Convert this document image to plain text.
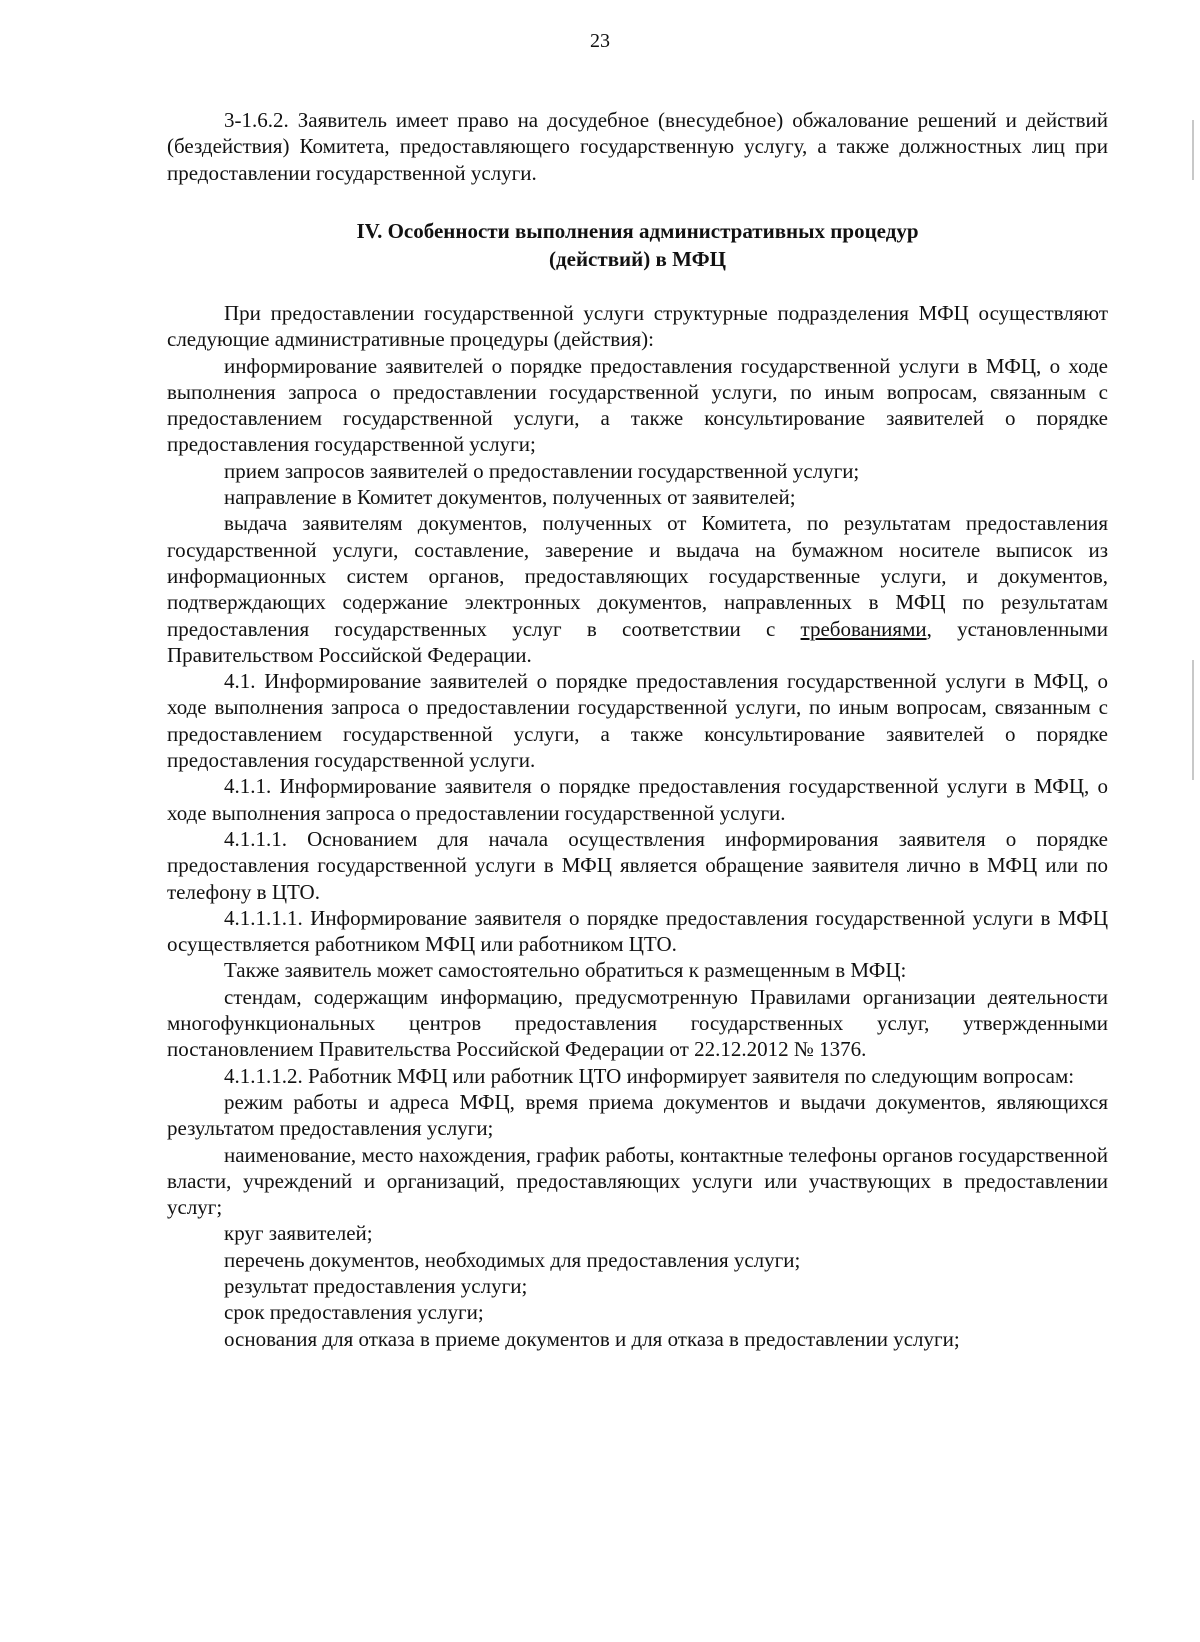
23

3-1.6.2. Заявитель имеет право на досудебное (внесудебное) обжалование решений и действий (бездействия) Комитета, предоставляющего государственную услугу, а также должностных лиц при предоставлении государственной услуги.

IV. Особенности выполнения административных процедур
(действий) в МФЦ

При предоставлении государственной услуги структурные подразделения МФЦ осуществляют следующие административные процедуры (действия):

информирование заявителей о порядке предоставления государственной услуги в МФЦ, о ходе выполнения запроса о предоставлении государственной услуги, по иным вопросам, связанным с предоставлением государственной услуги, а также консультирование заявителей о порядке предоставления государственной услуги;

прием запросов заявителей о предоставлении государственной услуги;

направление в Комитет документов, полученных от заявителей;

выдача заявителям документов, полученных от Комитета, по результатам предоставления государственной услуги, составление, заверение и выдача на бумажном носителе выписок из информационных систем органов, предоставляющих государственные услуги, и документов, подтверждающих содержание электронных документов, направленных в МФЦ по результатам предоставления государственных услуг в соответствии с требованиями, установленными Правительством Российской Федерации.

4.1. Информирование заявителей о порядке предоставления государственной услуги в МФЦ, о ходе выполнения запроса о предоставлении государственной услуги, по иным вопросам, связанным с предоставлением государственной услуги, а также консультирование заявителей о порядке предоставления государственной услуги.

4.1.1. Информирование заявителя о порядке предоставления государственной услуги в МФЦ, о ходе выполнения запроса о предоставлении государственной услуги.

4.1.1.1. Основанием для начала осуществления информирования заявителя о порядке предоставления государственной услуги в МФЦ является обращение заявителя лично в МФЦ или по телефону в ЦТО.

4.1.1.1.1. Информирование заявителя о порядке предоставления государственной услуги в МФЦ осуществляется работником МФЦ или работником ЦТО.

Также заявитель может самостоятельно обратиться к размещенным в МФЦ:

стендам, содержащим информацию, предусмотренную Правилами организации деятельности многофункциональных центров предоставления государственных услуг, утвержденными постановлением Правительства Российской Федерации от 22.12.2012 № 1376.

4.1.1.1.2. Работник МФЦ или работник ЦТО информирует заявителя по следующим вопросам:

режим работы и адреса МФЦ, время приема документов и выдачи документов, являющихся результатом предоставления услуги;

наименование, место нахождения, график работы, контактные телефоны органов государственной власти, учреждений и организаций, предоставляющих услуги или участвующих в предоставлении услуг;

круг заявителей;

перечень документов, необходимых для предоставления услуги;

результат предоставления услуги;

срок предоставления услуги;

основания для отказа в приеме документов и для отказа в предоставлении услуги;
